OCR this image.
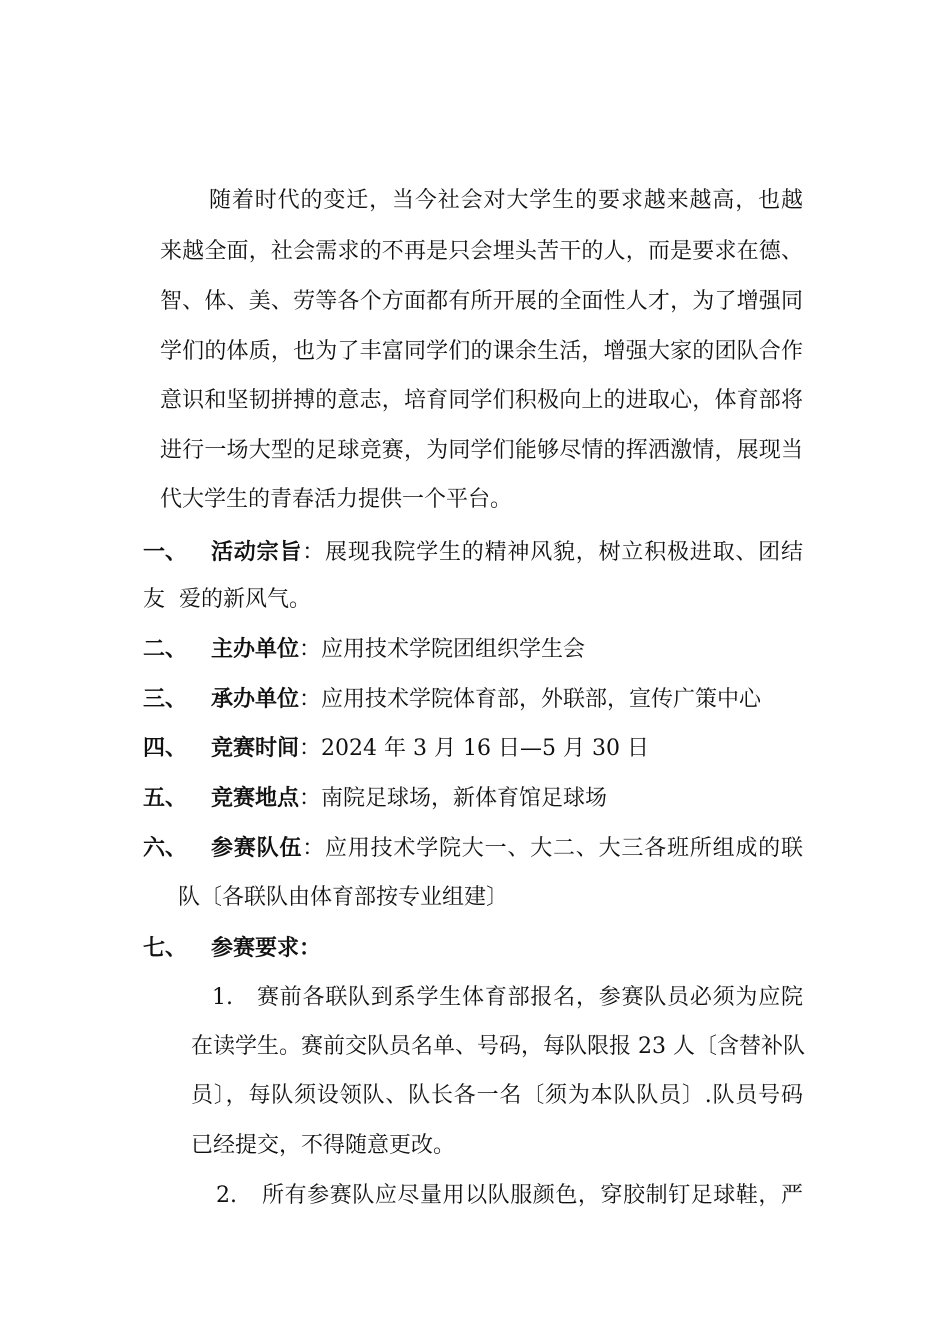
随着时代的变迁，当今社会对大学生的要求越来越高，也越
来越全面，社会需求的不再是只会埋头苦干的人，而是要求在德、
智、体、美、劳等各个方面都有所开展的全面性人才，为了增强同
学们的体质，也为了丰富同学们的课余生活，增强大家的团队合作
意识和坚韧拼搏的意志，培育同学们积极向上的进取心，体育部将
进行一场大型的足球竞赛，为同学们能够尽情的挥洒激情，展现当
代大学生的青春活力提供一个平台。
一、 活动宗旨：展现我院学生的精神风貌，树立积极进取、团结
友  爱的新风气。
二、 主办单位：应用技术学院团组织学生会
三、 承办单位：应用技术学院体育部，外联部，宣传广策中心
四、 竞赛时间：2024 年 3 月 16 日—5 月 30 日
五、 竞赛地点：南院足球场，新体育馆足球场
六、 参赛队伍：应用技术学院大一、大二、大三各班所组成的联
队〔各联队由体育部按专业组建〕
七、 参赛要求：
1. 赛前各联队到系学生体育部报名，参赛队员必须为应院
在读学生。赛前交队员名单、号码，每队限报 23 人〔含替补队
员〕，每队须设领队、队长各一名〔须为本队队员〕.队员号码
已经提交，不得随意更改。
2. 所有参赛队应尽量用以队服颜色，穿胶制钉足球鞋，严
